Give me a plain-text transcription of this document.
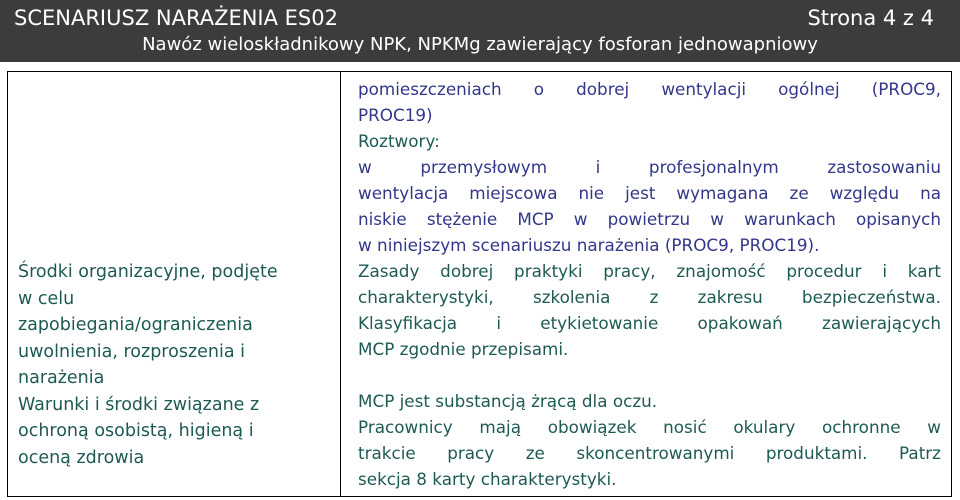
SCENARIUSZ NARAŻENIA ES02	Strona 4 z 4
Nawóz wieloskładnikowy NPK, NPKMg zawierający fosforan jednowapniowy
Środki organizacyjne, podjęte
w celu
zapobiegania/ograniczenia
uwolnienia, rozproszenia i
narażenia
Warunki i środki związane z
ochroną osobistą, higieną i
oceną zdrowia
pomieszczeniach o dobrej wentylacji ogólnej (PROC9,
PROC19)
Roztwory:
w przemysłowym i profesjonalnym zastosowaniu
wentylacja miejscowa nie jest wymagana ze względu na
niskie stężenie MCP w powietrzu w warunkach opisanych
w niniejszym scenariuszu narażenia (PROC9, PROC19).
Zasady dobrej praktyki pracy, znajomość procedur i kart
charakterystyki, szkolenia z zakresu bezpieczeństwa.
Klasyfikacja i etykietowanie opakowań zawierających
MCP zgodnie przepisami.
MCP jest substancją żrącą dla oczu.
Pracownicy mają obowiązek nosić okulary ochronne w
trakcie pracy ze skoncentrowanymi produktami. Patrz
sekcja 8 karty charakterystyki.
